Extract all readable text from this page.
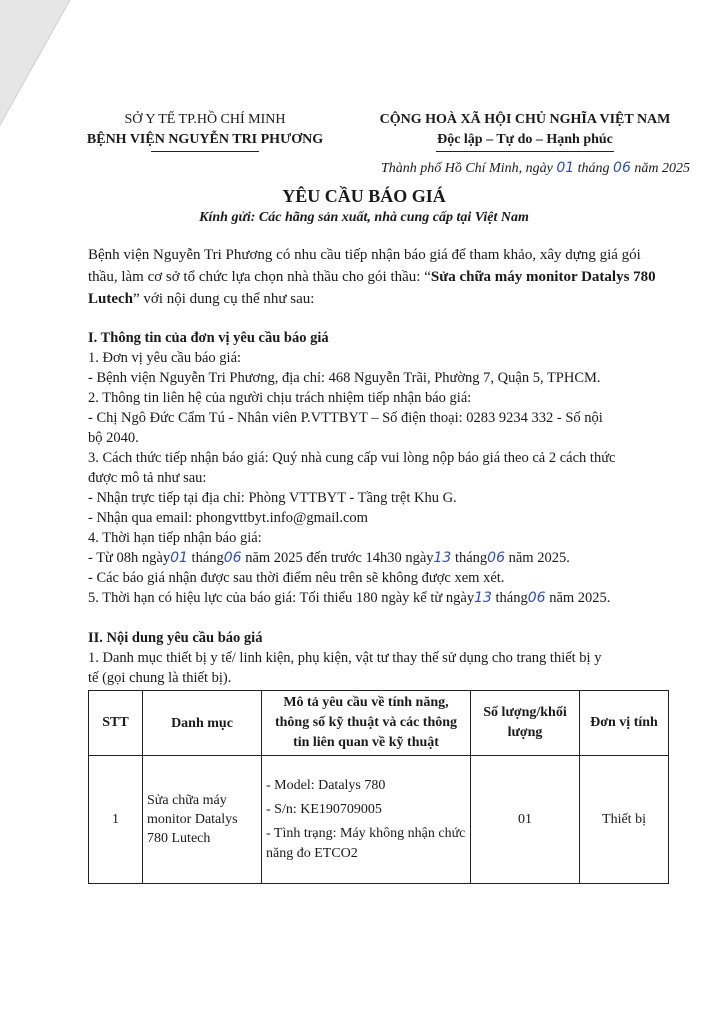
SỞ Y TẾ TP.HỒ CHÍ MINH
BỆNH VIỆN NGUYỄN TRI PHƯƠNG
CỘNG HOÀ XÃ HỘI CHỦ NGHĨA VIỆT NAM
Độc lập – Tự do – Hạnh phúc
Thành phố Hồ Chí Minh, ngày 01 tháng 06 năm 2025
YÊU CẦU BÁO GIÁ
Kính gửi: Các hãng sản xuất, nhà cung cấp tại Việt Nam
Bệnh viện Nguyễn Tri Phương có nhu cầu tiếp nhận báo giá để tham khảo, xây dựng giá gói thầu, làm cơ sở tổ chức lựa chọn nhà thầu cho gói thầu: “Sửa chữa máy monitor Datalys 780 Lutech” với nội dung cụ thể như sau:
I. Thông tin của đơn vị yêu cầu báo giá
1. Đơn vị yêu cầu báo giá:
- Bệnh viện Nguyễn Tri Phương, địa chỉ: 468 Nguyễn Trãi, Phường 7, Quận 5, TPHCM.
2. Thông tin liên hệ của người chịu trách nhiệm tiếp nhận báo giá:
- Chị Ngô Đức Cẩm Tú - Nhân viên P.VTTBYT – Số điện thoại: 0283 9234 332 - Số nội
bộ 2040.
3. Cách thức tiếp nhận báo giá: Quý nhà cung cấp vui lòng nộp báo giá theo cả 2 cách thức
được mô tả như sau:
- Nhận trực tiếp tại địa chỉ: Phòng VTTBYT - Tầng trệt Khu G.
- Nhận qua email: phongvttbyt.info@gmail.com
4. Thời hạn tiếp nhận báo giá:
- Từ 08h ngày01 tháng06 năm 2025 đến trước 14h30 ngày13 tháng06 năm 2025.
- Các báo giá nhận được sau thời điểm nêu trên sẽ không được xem xét.
5. Thời hạn có hiệu lực của báo giá: Tối thiểu 180 ngày kể từ ngày13 tháng06 năm 2025.
II. Nội dung yêu cầu báo giá
1. Danh mục thiết bị y tế/ linh kiện, phụ kiện, vật tư thay thế sử dụng cho trang thiết bị y
tế (gọi chung là thiết bị).
STT	Danh mục	Mô tả yêu cầu về tính năng, thông số kỹ thuật và các thông tin liên quan về kỹ thuật	Số lượng/khối lượng	Đơn vị tính
1	Sửa chữa máy monitor Datalys 780 Lutech	- Model: Datalys 780
- S/n: KE190709005
- Tình trạng: Máy không nhận chức năng đo ETCO2	01	Thiết bị
